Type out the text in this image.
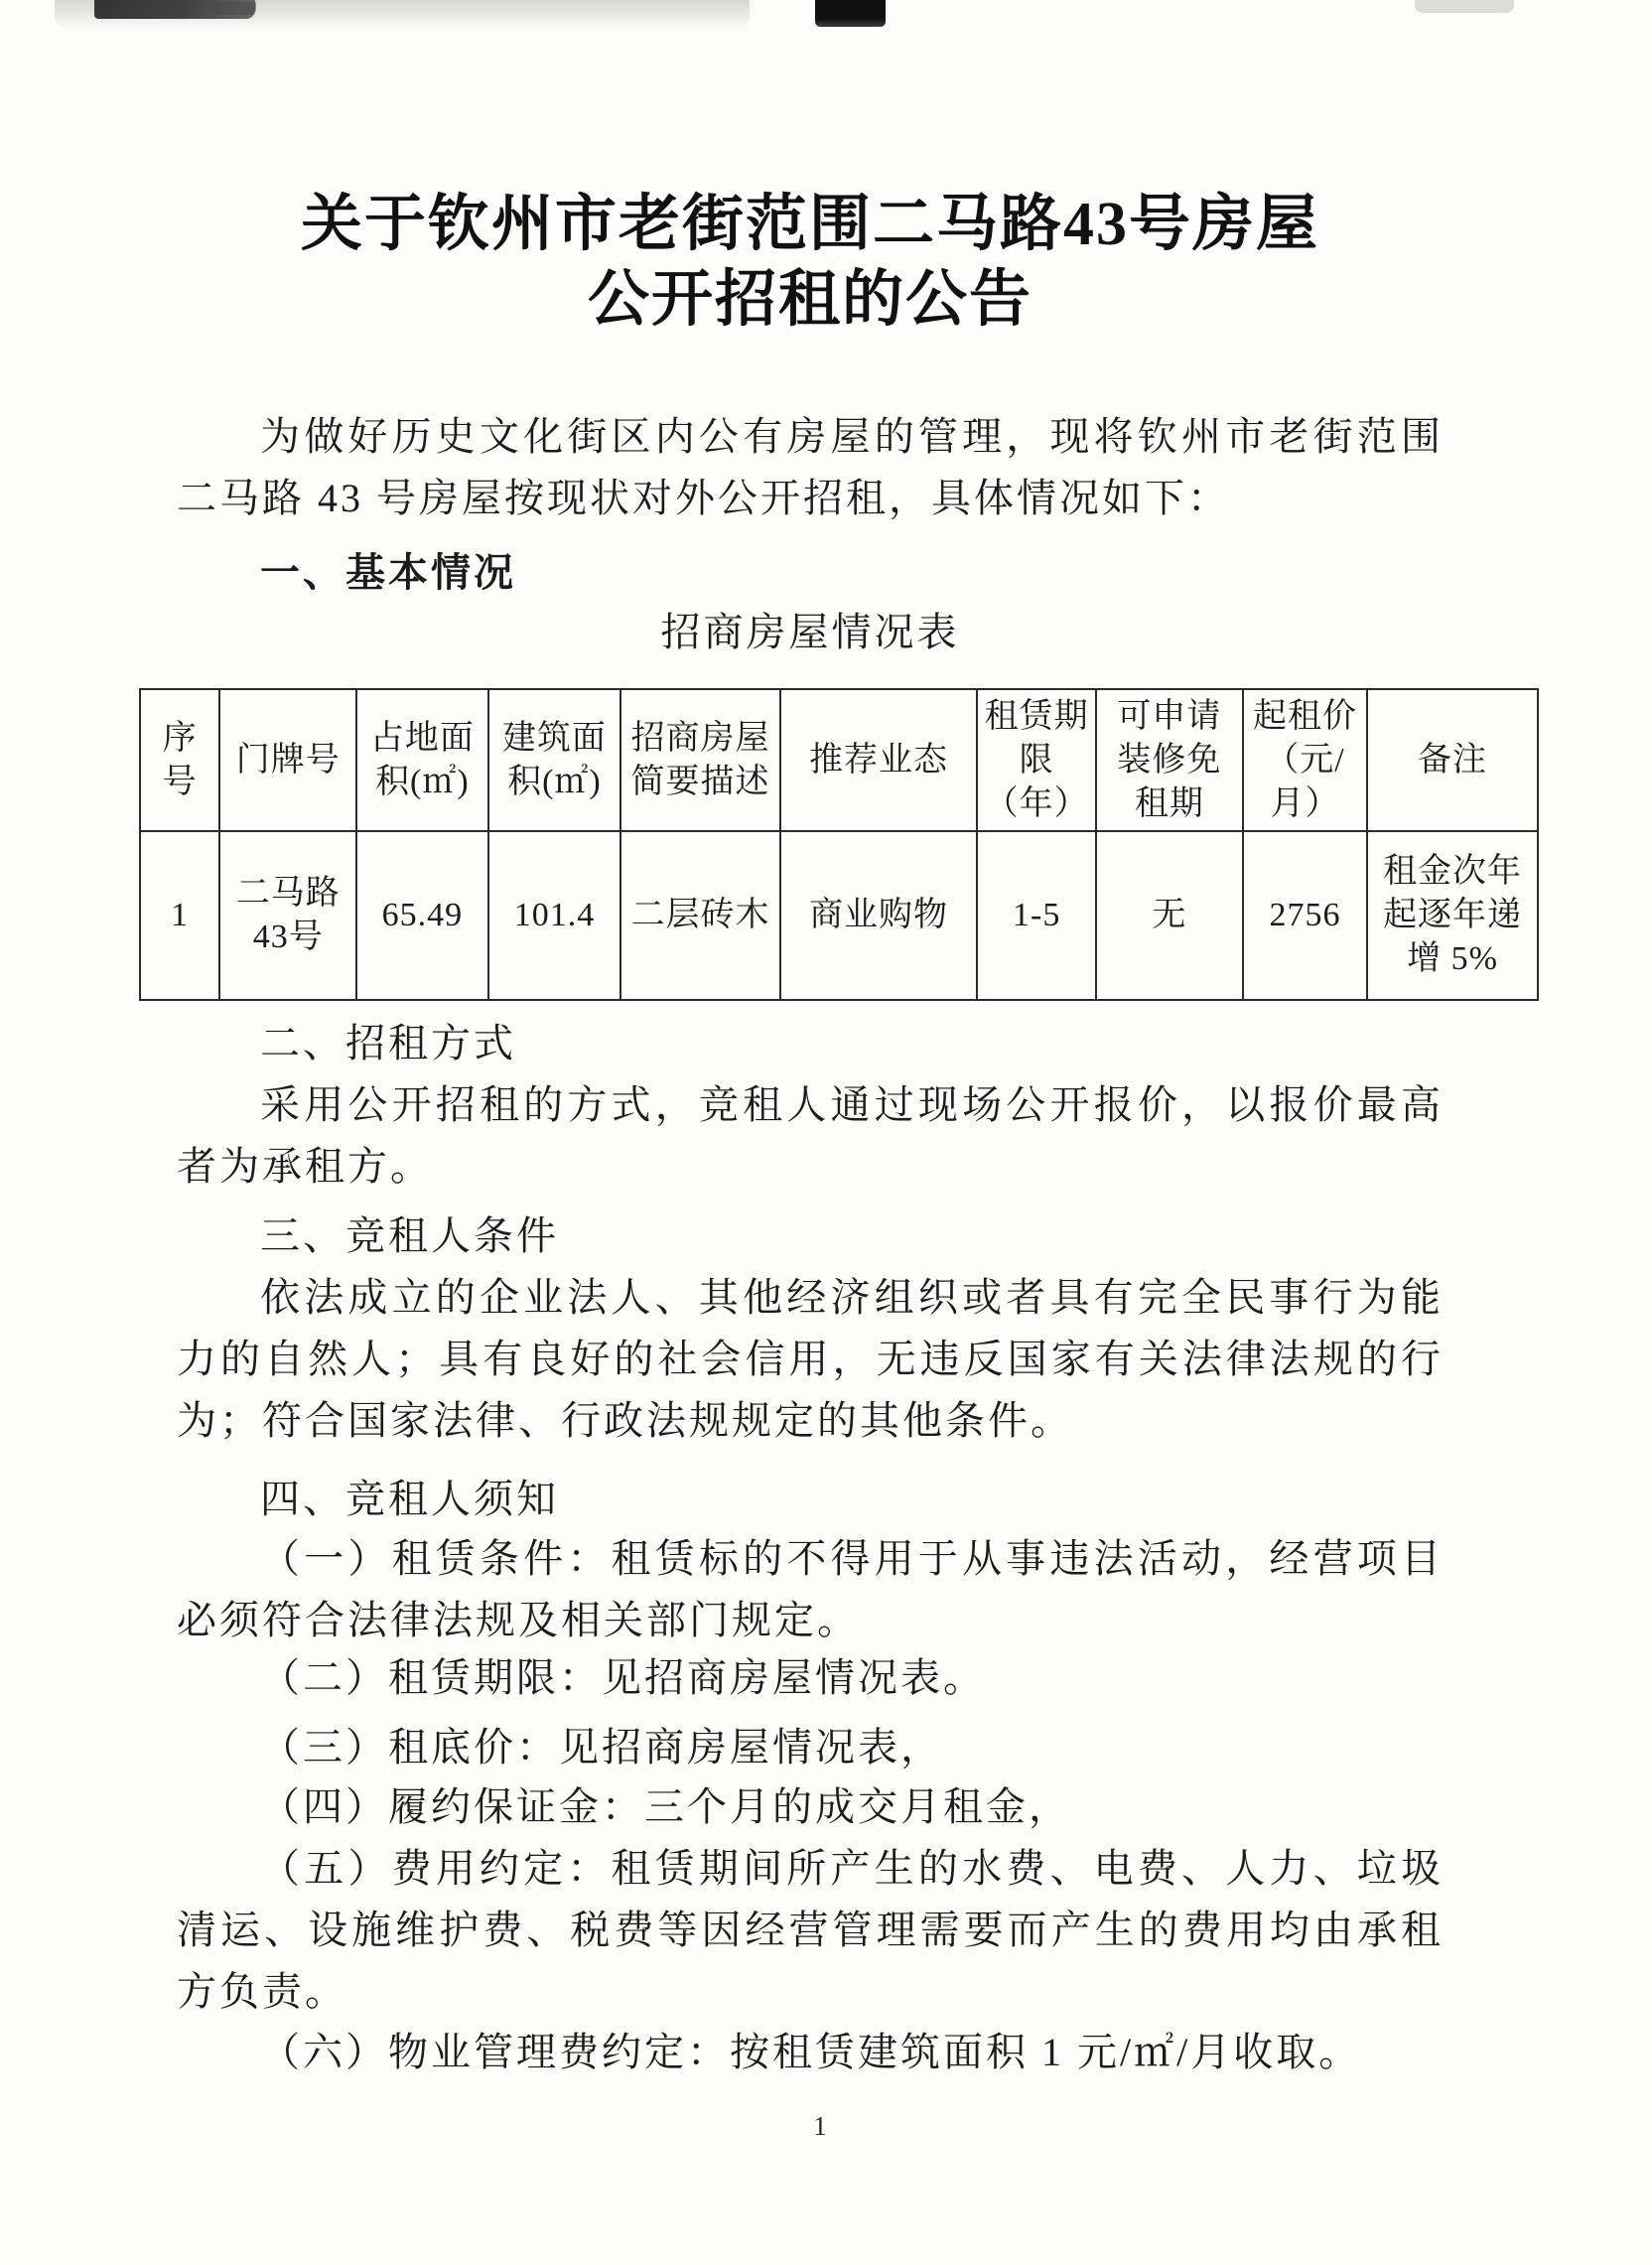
关于钦州市老街范围二马路43号房屋
公开招租的公告
为做好历史文化街区内公有房屋的管理，现将钦州市老街范围二马路 43 号房屋按现状对外公开招租，具体情况如下：
一、基本情况
招商房屋情况表
序号	门牌号	占地面积(㎡)	建筑面积(㎡)	招商房屋简要描述	推荐业态	租赁期限（年）	可申请装修免租期	起租价（元/月）	备注
1	二马路43号	65.49	101.4	二层砖木	商业购物	1-5	无	2756	租金次年起逐年递增 5%
二、招租方式
采用公开招租的方式，竞租人通过现场公开报价，以报价最高者为承租方。
三、竞租人条件
依法成立的企业法人、其他经济组织或者具有完全民事行为能力的自然人；具有良好的社会信用，无违反国家有关法律法规的行为；符合国家法律、行政法规规定的其他条件。
四、竞租人须知
（一）租赁条件：租赁标的不得用于从事违法活动，经营项目必须符合法律法规及相关部门规定。
（二）租赁期限：见招商房屋情况表。
（三）租底价：见招商房屋情况表，
（四）履约保证金：三个月的成交月租金，
（五）费用约定：租赁期间所产生的水费、电费、人力、垃圾清运、设施维护费、税费等因经营管理需要而产生的费用均由承租方负责。
（六）物业管理费约定：按租赁建筑面积 1 元/㎡/月收取。
1
